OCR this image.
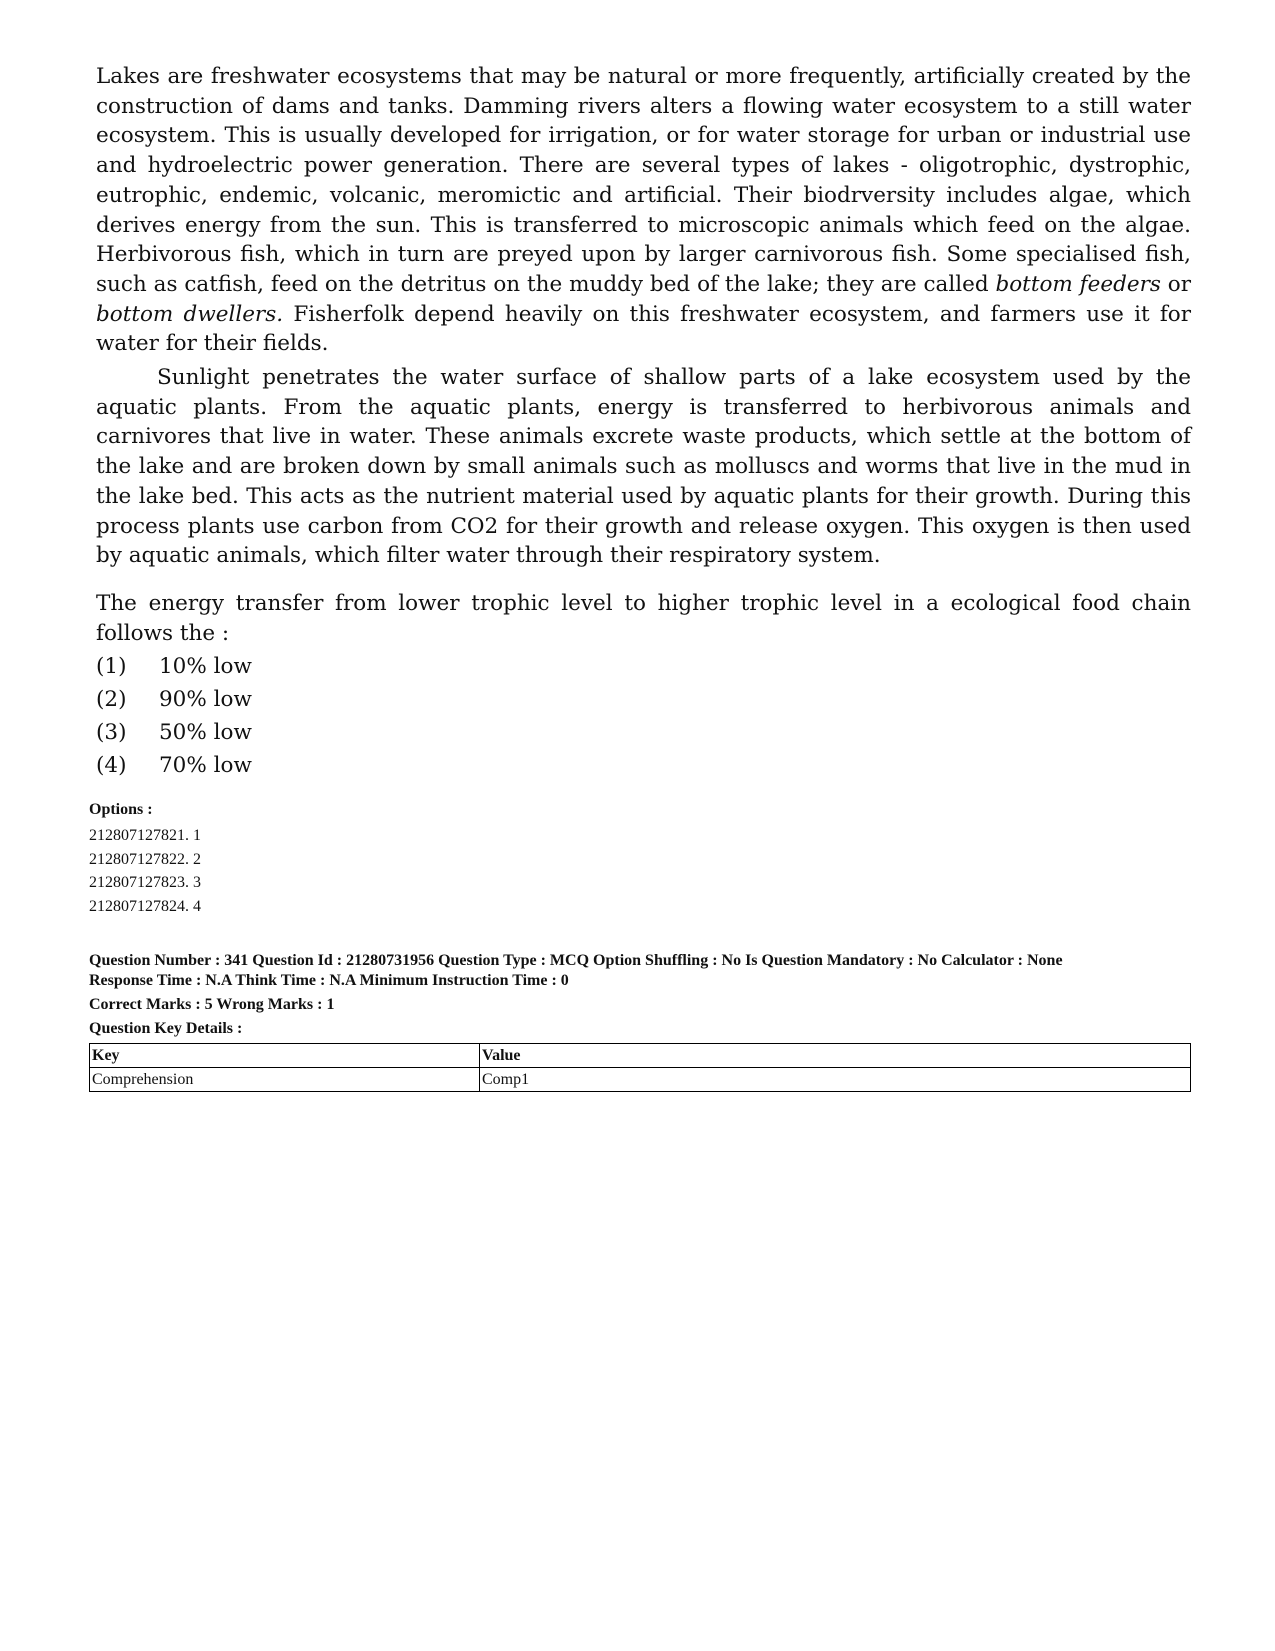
Lakes are freshwater ecosystems that may be natural or more frequently, artificially created by the construction of dams and tanks. Damming rivers alters a flowing water ecosystem to a still water ecosystem. This is usually developed for irrigation, or for water storage for urban or industrial use and hydroelectric power generation. There are several types of lakes - oligotrophic, dystrophic, eutrophic, endemic, volcanic, meromictic and artificial. Their biodrversity includes algae, which derives energy from the sun. This is transferred to microscopic animals which feed on the algae. Herbivorous fish, which in turn are preyed upon by larger carnivorous fish. Some specialised fish, such as catfish, feed on the detritus on the muddy bed of the lake; they are called bottom feeders or bottom dwellers. Fisherfolk depend heavily on this freshwater ecosystem, and farmers use it for water for their fields.

Sunlight penetrates the water surface of shallow parts of a lake ecosystem used by the aquatic plants. From the aquatic plants, energy is transferred to herbivorous animals and carnivores that live in water. These animals excrete waste products, which settle at the bottom of the lake and are broken down by small animals such as molluscs and worms that live in the mud in the lake bed. This acts as the nutrient material used by aquatic plants for their growth. During this process plants use carbon from CO2 for their growth and release oxygen. This oxygen is then used by aquatic animals, which filter water through their respiratory system.

The energy transfer from lower trophic level to higher trophic level in a ecological food chain follows the :

(1) 10% low
(2) 90% low
(3) 50% low
(4) 70% low
Options :
212807127821. 1
212807127822. 2
212807127823. 3
212807127824. 4
Question Number : 341 Question Id : 21280731956 Question Type : MCQ Option Shuffling : No Is Question Mandatory : No Calculator : None
Response Time : N.A Think Time : N.A Minimum Instruction Time : 0
Correct Marks : 5 Wrong Marks : 1
Question Key Details :
Key	Value
Comprehension	Comp1
